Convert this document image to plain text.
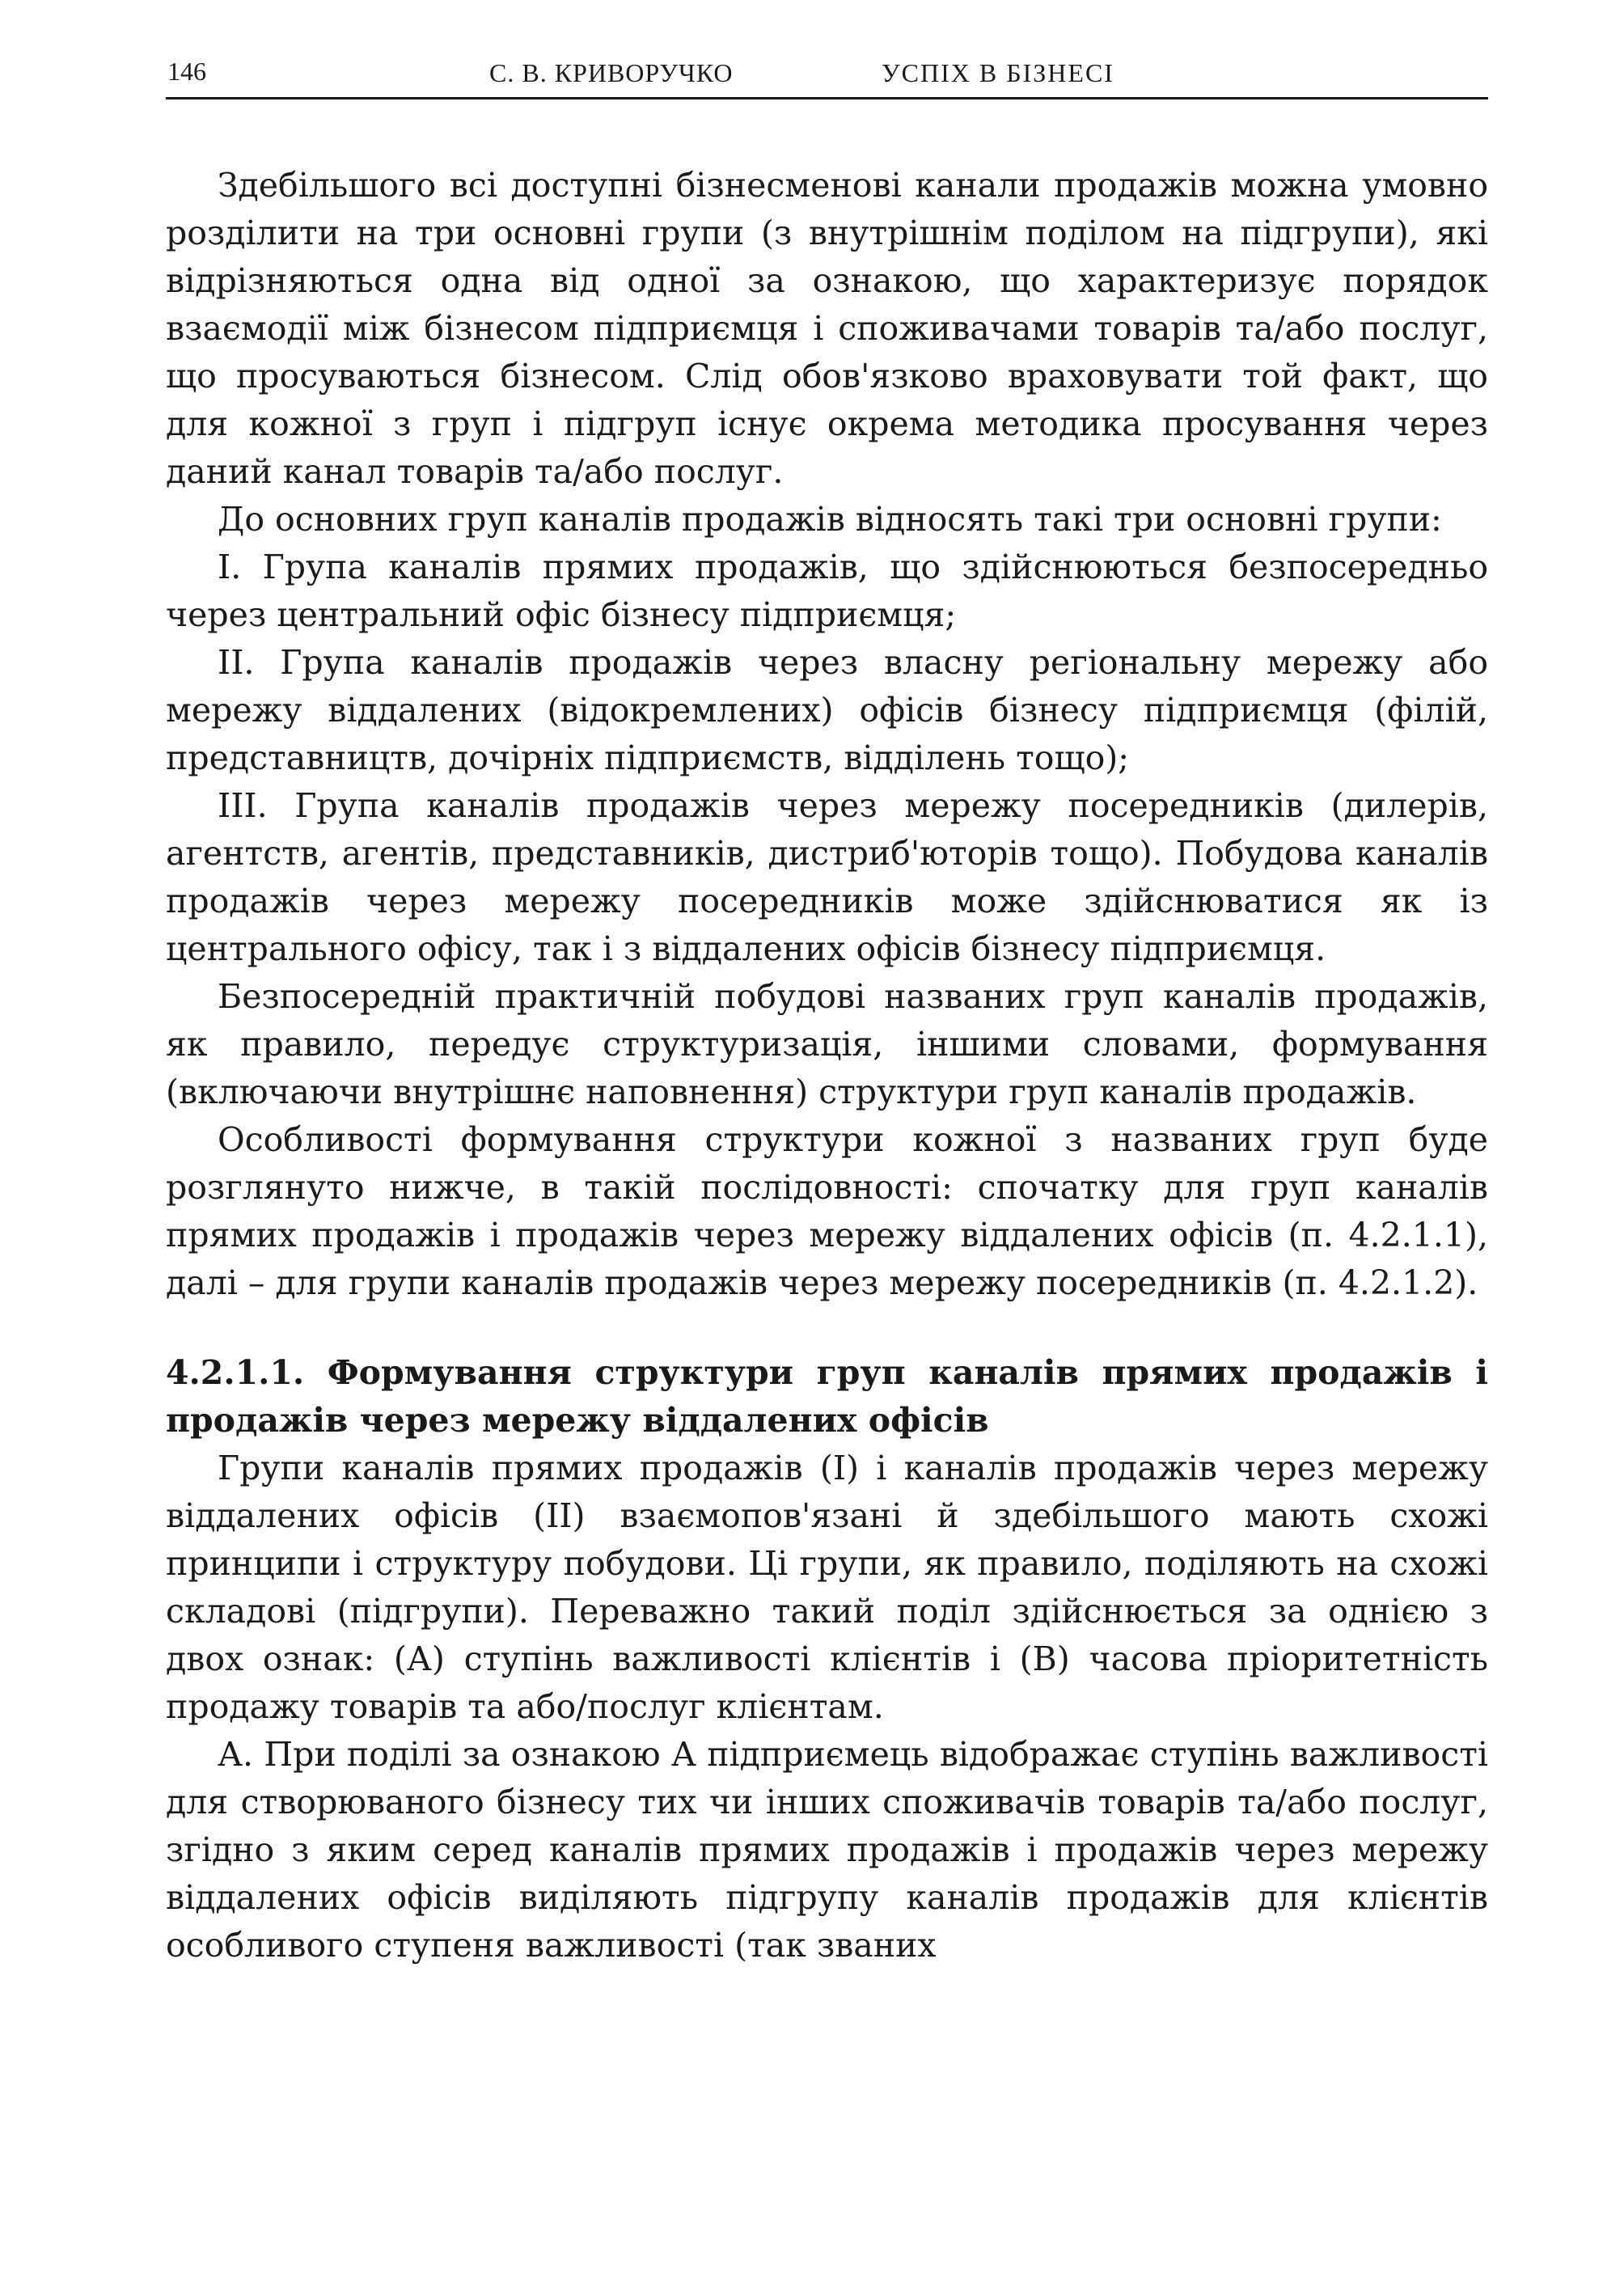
146	С. В. КРИВОРУЧКО	УСПІХ В БІЗНЕСІ

Здебільшого всі доступні бізнесменові канали продажів можна умовно розділити на три основні групи (з внутрішнім поділом на підгрупи), які відрізняються одна від одної за ознакою, що характеризує порядок взаємодії між бізнесом підприємця і споживачами товарів та/або послуг, що просуваються бізнесом. Слід обов'язково враховувати той факт, що для кожної з груп і підгруп існує окрема методика просування через даний канал товарів та/або послуг.

До основних груп каналів продажів відносять такі три основні групи:

I. Група каналів прямих продажів, що здійснюються безпосередньо через центральний офіс бізнесу підприємця;

II. Група каналів продажів через власну регіональну мережу або мережу віддалених (відокремлених) офісів бізнесу підприємця (філій, представництв, дочірніх підприємств, відділень тощо);

III. Група каналів продажів через мережу посередників (дилерів, агентств, агентів, представників, дистриб'юторів тощо). Побудова каналів продажів через мережу посередників може здійснюватися як із центрального офісу, так і з віддалених офісів бізнесу підприємця.

Безпосередній практичній побудові названих груп каналів продажів, як правило, передує структуризація, іншими словами, формування (включаючи внутрішнє наповнення) структури груп каналів продажів.

Особливості формування структури кожної з названих груп буде розглянуто нижче, в такій послідовності: спочатку для груп каналів прямих продажів і продажів через мережу віддалених офісів (п. 4.2.1.1), далі – для групи каналів продажів через мережу посередників (п. 4.2.1.2).

4.2.1.1. Формування структури груп каналів прямих продажів і продажів через мережу віддалених офісів

Групи каналів прямих продажів (I) і каналів продажів через мережу віддалених офісів (II) взаємопов'язані й здебільшого мають схожі принципи і структуру побудови. Ці групи, як правило, поділяють на схожі складові (підгрупи). Переважно такий поділ здійснюється за однією з двох ознак: (А) ступінь важливості клієнтів і (В) часова пріоритетність продажу товарів та або/послуг клієнтам.

А. При поділі за ознакою А підприємець відображає ступінь важливості для створюваного бізнесу тих чи інших споживачів товарів та/або послуг, згідно з яким серед каналів прямих продажів і продажів через мережу віддалених офісів виділяють підгрупу каналів продажів для клієнтів особливого ступеня важливості (так званих
